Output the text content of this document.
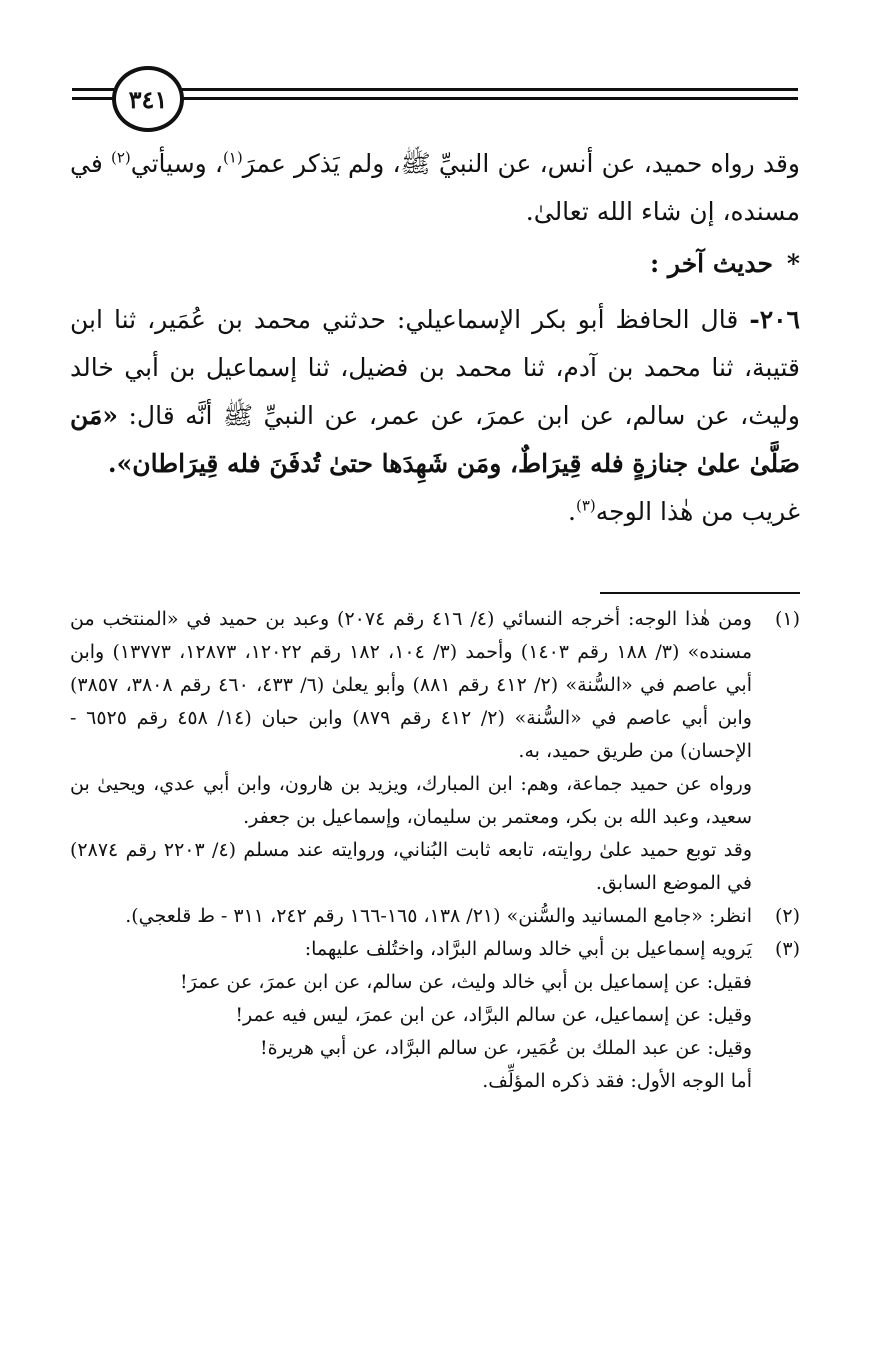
٣٤١

وقد رواه حميد، عن أنس، عن النبيِّ ﷺ، ولم يَذكر عمرَ$^{(١)}$، وسيأتي$^{(٢)}$ في مسنده، إن شاء الله تعالىٰ.

*حديث آخر :

٢٠٦- قال الحافظ أبو بكر الإسماعيلي: حدثني محمد بن عُمَير، ثنا ابن قتيبة، ثنا محمد بن آدم، ثنا محمد بن فضيل، ثنا إسماعيل بن أبي خالد وليث، عن سالم، عن ابن عمرَ، عن عمر، عن النبيِّ ﷺ أنَّه قال: «مَن صَلَّىٰ علىٰ جنازةٍ فله قِيرَاطٌ، ومَن شَهِدَها حتىٰ تُدفَنَ فله قِيرَاطان».

غريب من هٰذا الوجه$^{(٣)}$.

(١)
ومن هٰذا الوجه: أخرجه النسائي (٤/ ٤١٦ رقم ٢٠٧٤) وعبد بن حميد في «المنتخب من مسنده» (٣/ ١٨٨ رقم ١٤٠٣) وأحمد (٣/ ١٠٤، ١٨٢ رقم ١٢٠٢٢، ١٢٨٧٣، ١٣٧٧٣) وابن أبي عاصم في «السُّنة» (٢/ ٤١٢ رقم ٨٨١) وأبو يعلىٰ (٦/ ٤٣٣، ٤٦٠ رقم ٣٨٠٨، ٣٨٥٧) وابن أبي عاصم في «السُّنة» (٢/ ٤١٢ رقم ٨٧٩) وابن حبان (١٤/ ٤٥٨ رقم ٦٥٢٥ - الإحسان) من طريق حميد، به.

ورواه عن حميد جماعة، وهم: ابن المبارك، ويزيد بن هارون، وابن أبي عدي، ويحيىٰ بن سعيد، وعبد الله بن بكر، ومعتمر بن سليمان، وإسماعيل بن جعفر.

وقد توبع حميد علىٰ روايته، تابعه ثابت البُناني، وروايته عند مسلم (٤/ ٢٢٠٣ رقم ٢٨٧٤) في الموضع السابق.

(٢)
انظر: «جامع المسانيد والسُّنن» (٢١/ ١٣٨، ١٦٥-١٦٦ رقم ٢٤٢، ٣١١ - ط قلعجي).

(٣)
يَرويه إسماعيل بن أبي خالد وسالم البرَّاد، واختُلف عليهما:

فقيل: عن إسماعيل بن أبي خالد وليث، عن سالم، عن ابن عمرَ، عن عمرَ!

وقيل: عن إسماعيل، عن سالم البرَّاد، عن ابن عمرَ، ليس فيه عمر!

وقيل: عن عبد الملك بن عُمَير، عن سالم البرَّاد، عن أبي هريرة!

أما الوجه الأول: فقد ذكره المؤلِّف.
